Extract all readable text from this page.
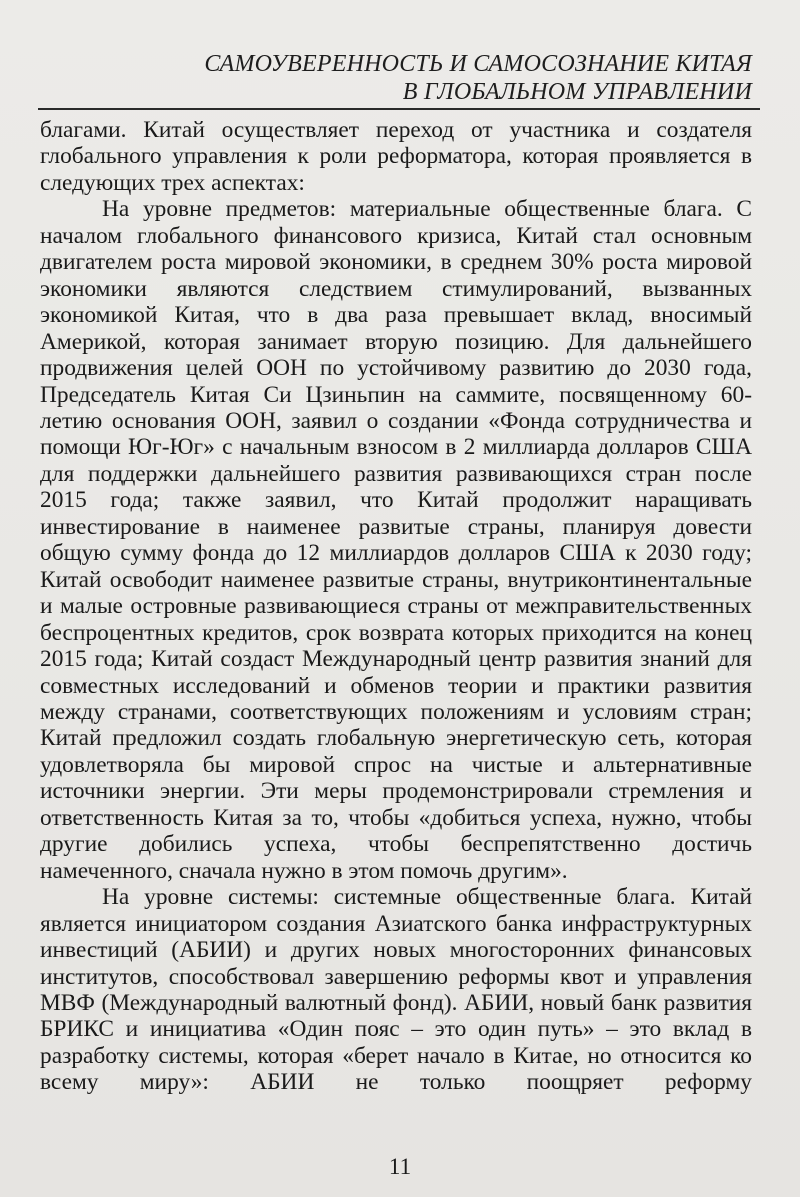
САМОУВЕРЕННОСТЬ И САМОСОЗНАНИЕ КИТАЯ
В ГЛОБАЛЬНОМ УПРАВЛЕНИИ

благами. Китай осуществляет переход от участника и создателя глобального управления к роли реформатора, которая проявляется в следующих трех аспектах:

На уровне предметов: материальные общественные блага. С началом глобального финансового кризиса, Китай стал основным двигателем роста мировой экономики, в среднем 30% роста мировой экономики являются следствием стимулирований, вызванных экономикой Китая, что в два раза превышает вклад, вносимый Америкой, которая занимает вторую позицию. Для дальнейшего продвижения целей ООН по устойчивому развитию до 2030 года, Председатель Китая Си Цзиньпин на саммите, посвященному 60-летию основания ООН, заявил о создании «Фонда сотрудничества и помощи Юг-Юг» с начальным взносом в 2 миллиарда долларов США для поддержки дальнейшего развития развивающихся стран после 2015 года; также заявил, что Китай продолжит наращивать инвестирование в наименее развитые страны, планируя довести общую сумму фонда до 12 миллиардов долларов США к 2030 году; Китай освободит наименее развитые страны, внутриконтинентальные и малые островные развивающиеся страны от межправительственных беспроцентных кредитов, срок возврата которых приходится на конец 2015 года; Китай создаст Международный центр развития знаний для совместных исследований и обменов теории и практики развития между странами, соответствующих положениям и условиям стран; Китай предложил создать глобальную энергетическую сеть, которая удовлетворяла бы мировой спрос на чистые и альтернативные источники энергии. Эти меры продемонстрировали стремления и ответственность Китая за то, чтобы «добиться успеха, нужно, чтобы другие добились успеха, чтобы беспрепятственно достичь намеченного, сначала нужно в этом помочь другим».

На уровне системы: системные общественные блага. Китай является инициатором создания Азиатского банка инфраструктурных инвестиций (АБИИ) и других новых многосторонних финансовых институтов, способствовал завершению реформы квот и управления МВФ (Международный валютный фонд). АБИИ, новый банк развития БРИКС и инициатива «Один пояс – это один путь» – это вклад в разработку системы, которая «берет начало в Китае, но относится ко всему миру»: АБИИ не только поощряет реформу

11
